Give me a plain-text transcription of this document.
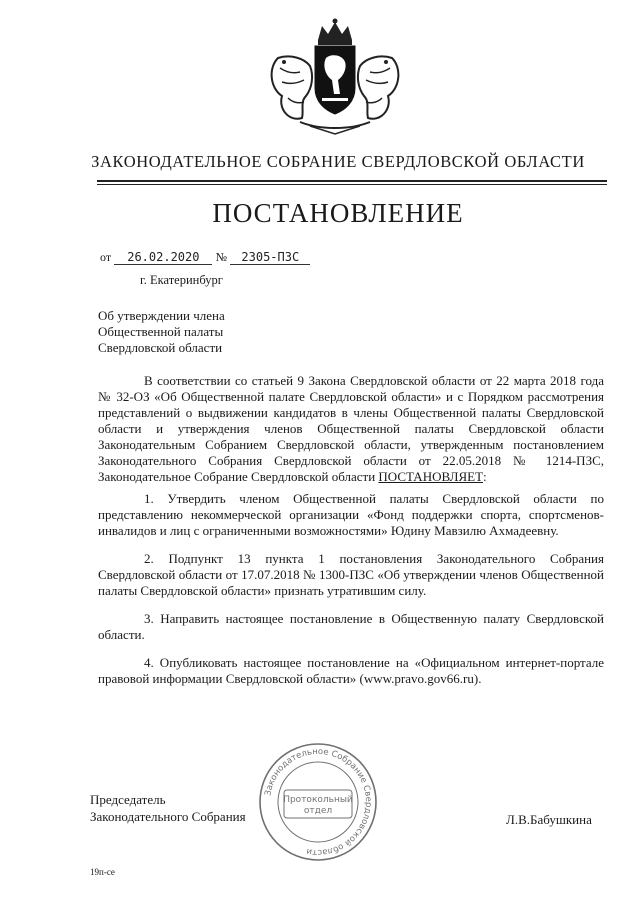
ЗАКОНОДАТЕЛЬНОЕ СОБРАНИЕ СВЕРДЛОВСКОЙ ОБЛАСТИ
ПОСТАНОВЛЕНИЕ
от 26.02.2020 № 2305-ПЗС
г. Екатеринбург
Об утверждении члена
Общественной палаты
Свердловской области

В соответствии со статьей 9 Закона Свердловской области от 22 марта 2018 года № 32-ОЗ «Об Общественной палате Свердловской области» и с Порядком рассмотрения представлений о выдвижении кандидатов в члены Общественной палаты Свердловской области и утверждения членов Общественной палаты Свердловской области Законодательным Собранием Свердловской области, утвержденным постановлением Законодательного Собрания Свердловской области от 22.05.2018 № 1214-ПЗС, Законодательное Собрание Свердловской области ПОСТАНОВЛЯЕТ:

1. Утвердить членом Общественной палаты Свердловской области по представлению некоммерческой организации «Фонд поддержки спорта, спортсменов-инвалидов и лиц с ограниченными возможностями» Юдину Мавзилю Ахмадеевну.

2. Подпункт 13 пункта 1 постановления Законодательного Собрания Свердловской области от 17.07.2018 № 1300-ПЗС «Об утверждении членов Общественной палаты Свердловской области» признать утратившим силу.

3. Направить настоящее постановление в Общественную палату Свердловской области.

4. Опубликовать настоящее постановление на «Официальном интернет-портале правовой информации Свердловской области» (www.pravo.gov66.ru).

Председатель
Законодательного Собрания
Законодательное Собрание Свердловской области
Протокольный
отдел
Л.В.Бабушкина
19п-се
